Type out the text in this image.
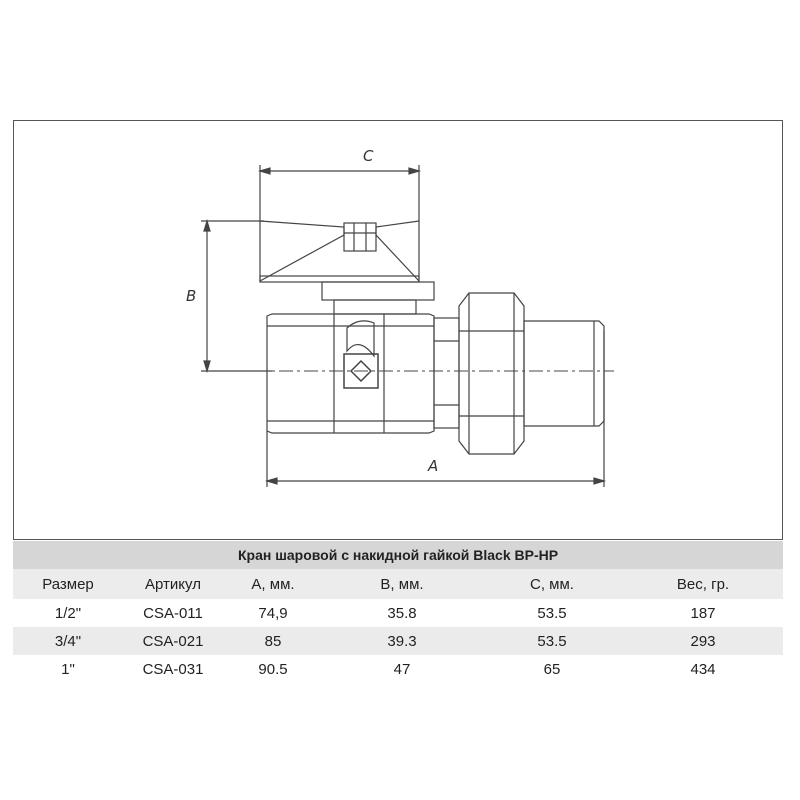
C
B
A
Кран шаровой с накидной гайкой Black BP-HP					
Размер	Артикул	А, мм.	В, мм.	С, мм.	Вес, гр.
1/2"	CSA-011	74,9	35.8	53.5	187
3/4"	CSA-021	85	39.3	53.5	293
1"	CSA-031	90.5	47	65	434
